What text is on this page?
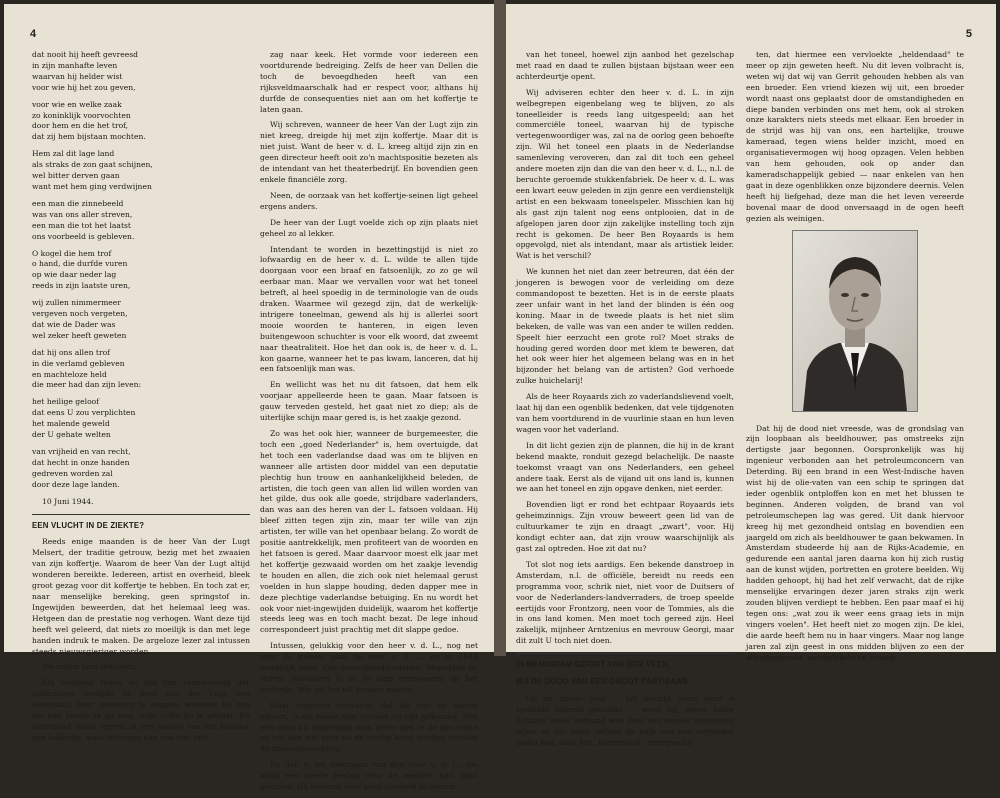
4

dat nooit hij heeft gevreesd
in zijn manhafte leven
waarvan hij helder wist
voor wie hij het zou geven,

voor wie en welke zaak
zo koninklijk voorvochten
door hem en die het trof,
dat zij hem bijstaan mochten.

Hem zal dit lage land
als straks de zon gaat schijnen,
wel bitter derven gaan
want met hem ging verdwijnen

een man die zinnebeeld
was van ons aller streven,
een man die tot het laatst
ons voorbeeld is gebleven.

O kogel die hem trof
o hand, die durfde vuren
op wie daar neder lag
reeds in zijn laatste uren,

wij zullen nimmermeer
vergeven noch vergeten,
dat wie de Dader was
wel zeker heeft geweten

dat hij ons allen trof
in die verlamd gebleven
en machteloze held
die meer had dan zijn leven:

het heilige geloof
dat eens U zou verplichten
het malende geweld
der U gehate welten

van vrijheid en van recht,
dat hecht in onze handen
gedreven worden zal
door deze lage landen.

10 Juni 1944.

EEN VLUCHT IN DE ZIEKTE?

Reeds enige maanden is de heer Van der Lugt Melsert, der traditie getrouw, bezig met het zwaaien van zijn koffertje. Waarom de heer Van der Lugt altijd wonderen bereikte. Iedereen, artist en overheid, bleek groot gezag voor dit koffertje te hebben. En toch zat er, naar menselijke bereking, geen springstof in. Ingewijden beweerden, dat het helemaal leeg was. Hetgeen dan de prestatie nog verhogen. Want deze tijd heeft wel geleerd, dat niets zo moeilijk is dan met lege handen indruk te maken. De argeloze lezer zal intussen steeds nieuwsgieriger worden.

We zullen hem inlichten.

Elk voorjaar, tegen de tijd van vernieuwing der contracten, dreigde de heer van der Lugt met heengaan, door stereotyp te zeggen, wanneer hij zijn zin niet kreeg: ik ga weg, mijn koffertje is gepakt. En inderdaad stond ergens in een hoekje van het kantoor een koffertje, waar iedereen dan ook met ont-

zag naar keek. Het vormde voor iedereen een voortdurende bedreiging. Zelfs de heer van Dellen die toch de bevoegdheden heeft van een rijksveldmaarschalk had er respect voor, althans hij durfde de consequenties niet aan om het koffertje te laten gaan.

Wij schreven, wanneer de heer Van der Lugt zijn zin niet kreeg, dreigde hij met zijn koffertje. Maar dit is niet juist. Want de heer v. d. L. kreeg altijd zijn zin en geen directeur heeft ooit zo'n machtspositie bezeten als de intendant van het theaterbedrijf. En bovendien geen enkele financiële zorg.

Neen, de oorzaak van het koffertje-seinen ligt geheel ergens anders.

De heer van der Lugt voelde zich op zijn plaats niet geheel zo al lekker.

Intendant te worden in bezettingstijd is niet zo lofwaardig en de heer v. d. L. wilde te allen tijde doorgaan voor een braaf en fatsoenlijk, zo zo ge wil eerbaar man. Maar we vervallen voor wat het toneel betreft, al heel spoedig in de terminologie van de ouds draken. Waarmee wil gezegd zijn, dat de werkelijk-intrigere toneelman, gewend als hij is allerlei soort mooie woorden te hanteren, in eigen leven buitengewoon schuchter is voor elk woord, dat zweemt naar theatraliteit. Hoe het dan ook is, de heer v. d. L. kon gaarne, wanneer het te pas kwam, lanceren, dat hij een fatsoenlijk man was.

En wellicht was het nu dit fatsoen, dat hem elk voorjaar appelleerde heen te gaan. Maar fatsoen is gauw terveden gesteld, het gaat niet zo diep; als de uiterlijke schijn maar gered is, is het zaakje gezond.

Zo was het ook hier, wanneer de burgemeester, die toch een „goed Nederlander" is, hem overtuigde, dat het toch een vaderlandse daad was om te blijven en wanneer alle artisten door middel van een deputatie plechtig hun trouw en aanhankelijkheid beleden, de artisten, die toch geen van allen lid willen worden van het gilde, dus ook alle goede, strijdbare vaderlanders, dan was aan des heren van der L. fatsoen voldaan. Hij bleef zitten tegen zijn zin, maar ter wille van zijn artisten, ter wille van het openbaar belang. Zo wordt de positie aantrekkelijk, men profiteert van de woorden en het fatsoen is gered. Maar daarvoor moest elk jaar met het koffertje gezwaaid worden om het zaakje levendig te houden en allen, die zich ook niet helemaal gerust voelden in hun slappe houding, deden dapper mee in deze plechtige vaderlandse betuiging. En nu wordt het ook voor niet-ingewijden duidelijk, waarom het koffertje steeds leeg was en toch macht bezat. De lege inhoud correspondeert juist prachtig met dit slappe gedoe.

Intussen, gelukkig voor den heer v. d. L., nog net voor de invasie gaat de heer v. d. L. nu in 1944 werkelijk heen. Om gezondheidsredenen. Misschien de reden, misschien is er te slap gereageerd op het koffertje. Wie zal het uit kunnen maken.

Waar iedereen verwacht, dat dit jaar de oorlog afloopt, is de ziekte dan precies op tijd gekomen. Met een mooi als fatsoenlijk man liever niet in de kou staan en het kon wel eens na de oorlog koud worden rondom de stadsschouwburg.

En dan is het heengaan van den heer v. d. L., die altijd een goede feeling voor de realiteit had, juist gekozen. Hij bewerst voor goed afscheid te nemen

5

van het toneel, hoewel zijn aanbod het gezelschap met raad en daad te zullen bijstaan bijstaan weer een achterdeurtje opent.

Wij adviseren echter den heer v. d. L. in zijn welbegrepen eigenbelang weg te blijven, zo als toneelleider is reeds lang uitgespeeld; aan het commerciële toneel, waarvan hij de typische vertegenwoordiger was, zal na de oorlog geen behoefte zijn. Wil het toneel een plaats in de Nederlandse samenleving veroveren, dan zal dit toch een geheel andere moeten zijn dan die van den heer v. d. L., n.l. de beruchte geroemde stukkenfabriek. De heer v. d. L. was een kwart eeuw geleden in zijn genre een verdienstelijk artist en een bekwaam toneelspeler. Misschien kan hij als gast zijn talent nog eens ontplooien, dat in de afgelopen jaren door zijn zakelijke instelling toch zijn recht is gekomen. De heer Ben Royaards is hem opgevolgd, niet als intendant, maar als artistiek leider. Wat is het verschil?

We kunnen het niet dan zeer betreuren, dat één der jongeren is bewogen voor de verleiding om deze commandopost te bezetten. Het is in de eerste plaats zeer unfair want in het land der blinden is één oog koning. Maar in de tweede plaats is het niet slim bekeken, de valle was van een ander te willen redden. Speelt hier eerzucht een grote rol? Moet straks de houding gered worden door met klem te beweren, dat het ook weer hier het algemeen belang was en in het bijzonder het belang van de artisten? God verhoede zulke huichelarij!

Als de heer Royaards zich zo vaderlandslievend voelt, laat hij dan een ogenblik bedenken, dat vele tijdgenoten van hem voortdurend in de vuurlinie staan en hun leven wagen voor het vaderland.

In dit licht gezien zijn de plannen, die hij in de krant bekend maakte, ronduit gezegd belachelijk. De naaste toekomst vraagt van ons Nederlanders, een geheel andere taak. Eerst als de vijand uit ons land is, kunnen we aan het toneel en zijn opgave denken, niet eerder.

Bovendien ligt er rond het echtpaar Royaards iets geheimzinnigs. Zijn vrouw beweert geen lid van de cultuurkamer te zijn en draagt „zwart", voor. Hij kondigt echter aan, dat zijn vrouw waarschijnlijk als gast zal optreden. Hoe zit dat nu?

Tot slot nog iets aardigs. Een bekende danstroep in Amsterdam, n.l. de officiële, bereidt nu reeds een programma voor, schrik niet, niet voor de Duitsers of voor de Nederlanders-landverraders, de troep speelde eertijds voor Frontzorg, neen voor de Tommies, als die in ons land komen. Men moet toch gereed zijn. Heel zakelijk, mijnheer Arntzenius en mevrouw Georgi, maar dit zult U toch niet doen.

IN MEMORIAM GERRIT VAN DER VEEN.
BIJ DE DOOD VAN EEN GROOT PARTISAAN.

Op de tiende Juni — het bericht werd eerst e twaalfde bekend gemaakt — werd hij, wiens halve lichaam reeds verlamd was door een eerder ontvangen schot en die lader geheel de hulp van een verpleger nodig had, door het „Herrenvolk" neergescho-

ten, dat hiermee een vervloekte „heldendaad" te meer op zijn geweten heeft. Nu dit leven volbracht is, weten wij dat wij van Gerrit gehouden hebben als van een broeder. Een vriend kiezen wij uit, een broeder wordt naast ons geplaatst door de omstandigheden en diepe banden verbinden ons met hem, ook al stroken onze karakters niets steeds met elkaar. Een broeder in de strijd was hij van ons, een hartelijke, trouwe kameraad, tegen wiens helder inzicht, moed en organisatievermogen wij hoog opzagen. Velen hebben van hem gehouden, ook op ander dan kameradschappelijk gebied — naar enkelen van hen gaat in deze ogenblikken onze bijzondere deernis. Velen heeft hij liefgehad, deze man die het leven vereerde bovenal maar de dood onversaagd in de ogen heeft gezien als weinigen.

Dat hij de dood niet vreesde, was de grondslag van zijn loopbaan als beeldhouwer, pas omstreeks zijn dertigste jaar begonnen. Oorspronkelijk was hij ingenieur verbonden aan het petroleumconcern van Deterding. Bij een brand in een West-Indische haven wist hij de olie-vaten van een schip te springen dat ieder ogenblik ontploffen kon en met het blussen te beginnen. Anderen volgden, de brand van vol petroleumschepen lag was gered. Uit dank hiervoor kreeg hij met gezondheid ontslag en bovendien een jaargeld om zich als beeldhouwer te gaan bekwamen. In Amsterdam studeerde hij aan de Rijks-Academie, en gedurende een aantal jaren daarna kon hij zich rustig aan de kunst wijden, portretten en grotere beelden. Wij hadden gehoopt, hij had het zelf verwacht, dat de rijke menselijke ervaringen dezer jaren straks zijn werk zouden blijven verdiept te hebben. Een paar maaf ei hij tegen ons: „wat zou ik weer eens graag iets in mijn vingers voelen". Het heeft niet zo mogen zijn. De klei, die aarde heeft hem nu in haar vingers. Maar nog lange jaren zal zijn geest in ons midden blijven zo een der allerdapperste, menselijkste en belang-
